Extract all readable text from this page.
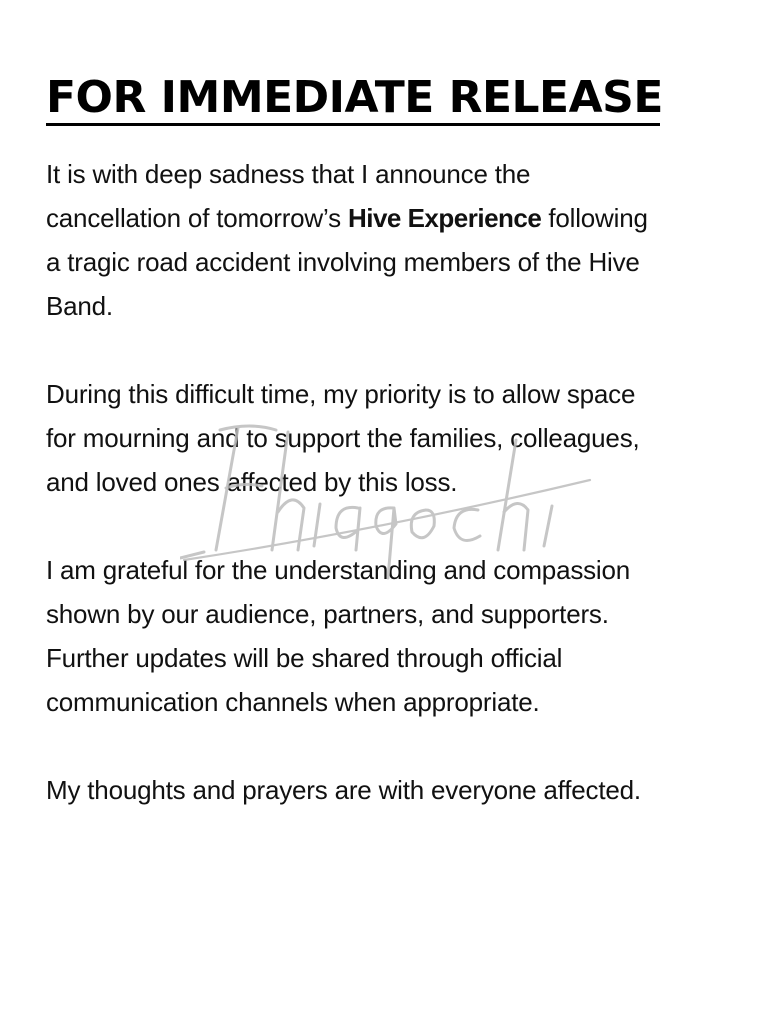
FOR IMMEDIATE RELEASE

It is with deep sadness that I announce the
cancellation of tomorrow’s Hive Experience following
a tragic road accident involving members of the Hive
Band.

During this difficult time, my priority is to allow space
for mourning and to support the families, colleagues,
and loved ones affected by this loss.

I am grateful for the understanding and compassion
shown by our audience, partners, and supporters.
Further updates will be shared through official
communication channels when appropriate.

My thoughts and prayers are with everyone affected.
